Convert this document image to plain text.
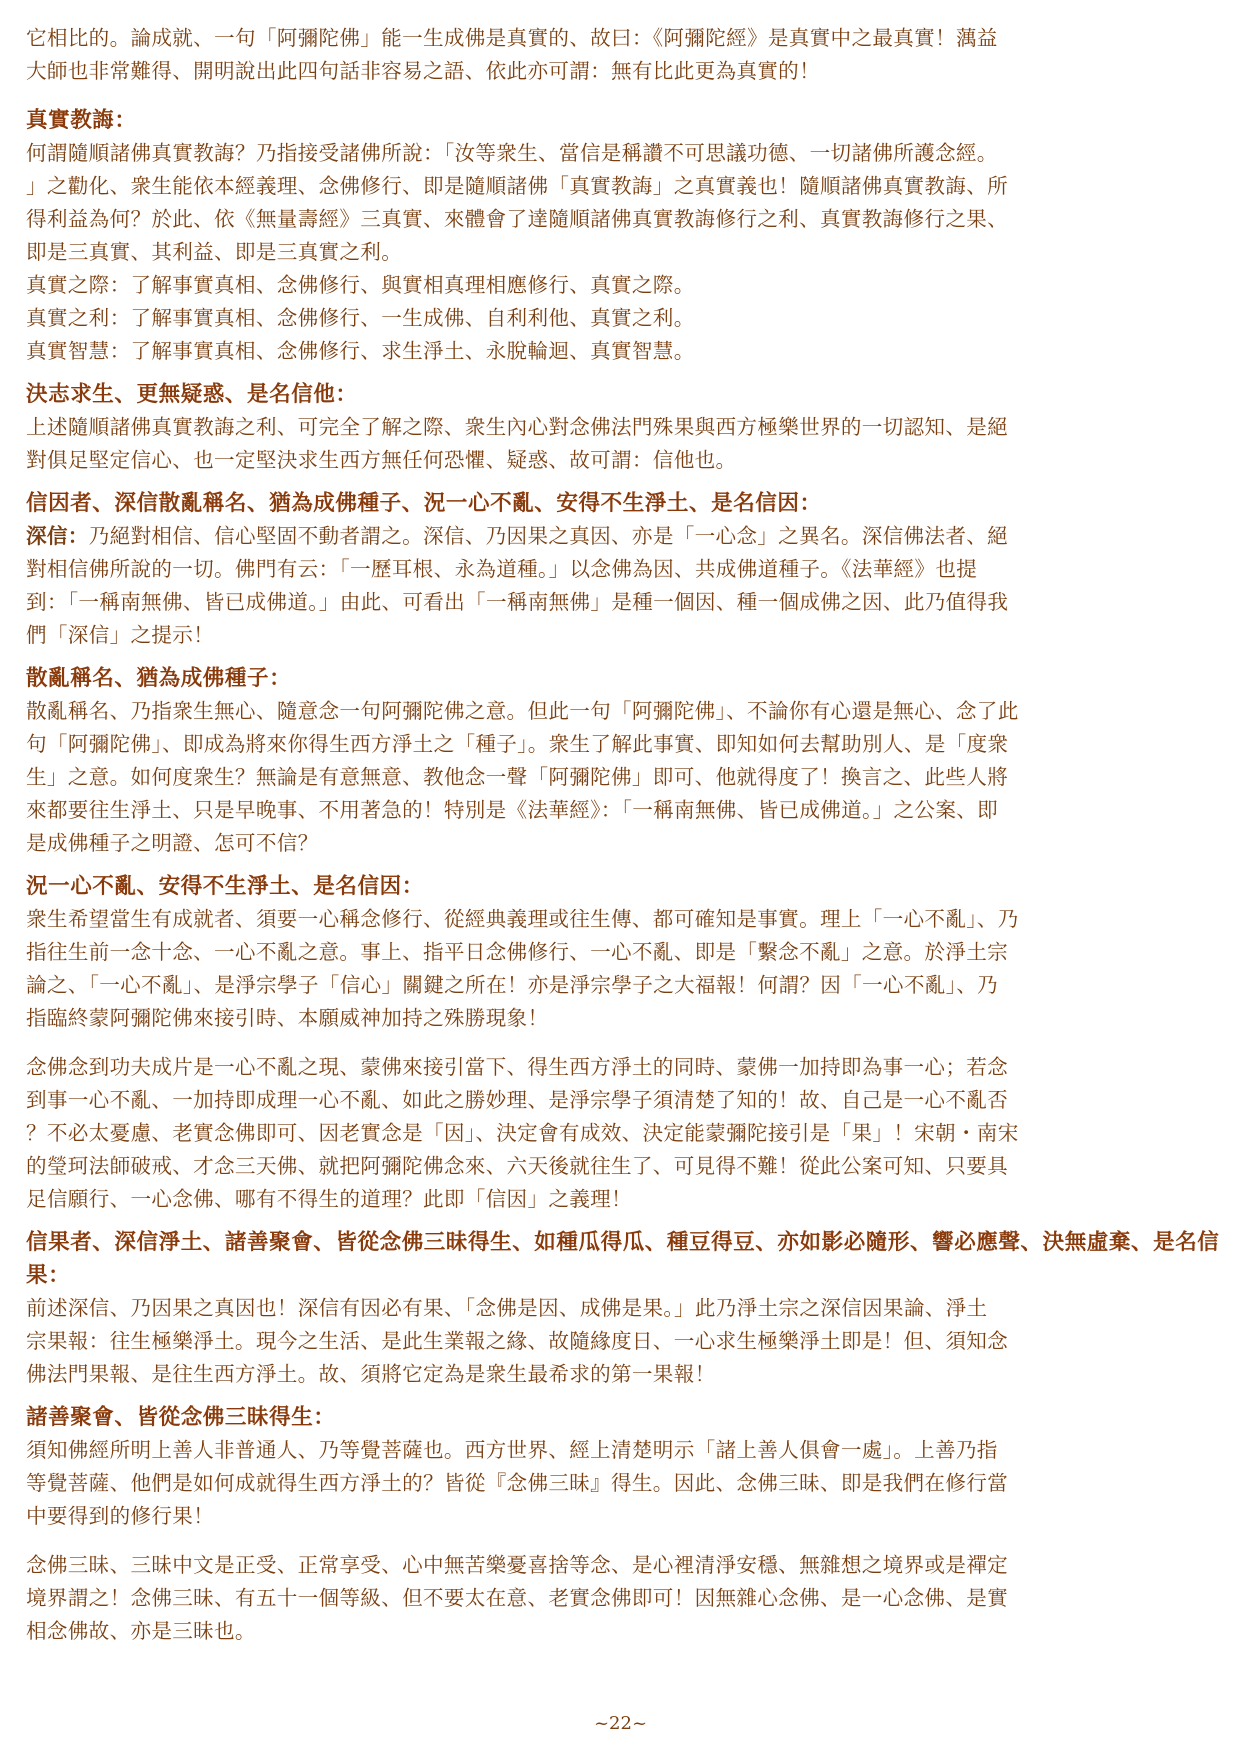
它相比的。論成就、一句「阿彌陀佛」能一生成佛是真實的、故曰：《阿彌陀經》是真實中之最真實！蕅益

大師也非常難得、開明說出此四句話非容易之語、依此亦可謂：無有比此更為真實的！

真實教誨：

何謂隨順諸佛真實教誨？乃指接受諸佛所說：「汝等衆生、當信是稱讚不可思議功德、一切諸佛所護念經。

」之勸化、衆生能依本經義理、念佛修行、即是隨順諸佛「真實教誨」之真實義也！隨順諸佛真實教誨、所

得利益為何？於此、依《無量壽經》三真實、來體會了達隨順諸佛真實教誨修行之利、真實教誨修行之果、

即是三真實、其利益、即是三真實之利。

真實之際：了解事實真相、念佛修行、與實相真理相應修行、真實之際。

真實之利：了解事實真相、念佛修行、一生成佛、自利利他、真實之利。

真實智慧：了解事實真相、念佛修行、求生淨土、永脫輪迴、真實智慧。

決志求生、更無疑惑、是名信他：

上述隨順諸佛真實教誨之利、可完全了解之際、衆生內心對念佛法門殊果與西方極樂世界的一切認知、是絕

對俱足堅定信心、也一定堅決求生西方無任何恐懼、疑惑、故可謂：信他也。

信因者、深信散亂稱名、猶為成佛種子、況一心不亂、安得不生淨土、是名信因：

深信：乃絕對相信、信心堅固不動者謂之。深信、乃因果之真因、亦是「一心念」之異名。深信佛法者、絕

對相信佛所說的一切。佛門有云：「一歷耳根、永為道種。」以念佛為因、共成佛道種子。《法華經》也提

到：「一稱南無佛、皆已成佛道。」由此、可看出「一稱南無佛」是種一個因、種一個成佛之因、此乃值得我

們「深信」之提示！

散亂稱名、猶為成佛種子：

散亂稱名、乃指衆生無心、隨意念一句阿彌陀佛之意。但此一句「阿彌陀佛」、不論你有心還是無心、念了此

句「阿彌陀佛」、即成為將來你得生西方淨土之「種子」。衆生了解此事實、即知如何去幫助別人、是「度衆

生」之意。如何度衆生？無論是有意無意、教他念一聲「阿彌陀佛」即可、他就得度了！換言之、此些人將

來都要往生淨土、只是早晚事、不用著急的！特別是《法華經》：「一稱南無佛、皆已成佛道。」之公案、即

是成佛種子之明證、怎可不信？

況一心不亂、安得不生淨土、是名信因：

衆生希望當生有成就者、須要一心稱念修行、從經典義理或往生傳、都可確知是事實。理上「一心不亂」、乃

指往生前一念十念、一心不亂之意。事上、指平日念佛修行、一心不亂、即是「繫念不亂」之意。於淨土宗

論之、「一心不亂」、是淨宗學子「信心」關鍵之所在！亦是淨宗學子之大福報！何謂？因「一心不亂」、乃

指臨終蒙阿彌陀佛來接引時、本願威神加持之殊勝現象！

念佛念到功夫成片是一心不亂之現、蒙佛來接引當下、得生西方淨土的同時、蒙佛一加持即為事一心；若念

到事一心不亂、一加持即成理一心不亂、如此之勝妙理、是淨宗學子須清楚了知的！故、自己是一心不亂否

？不必太憂慮、老實念佛即可、因老實念是「因」、決定會有成效、決定能蒙彌陀接引是「果」！宋朝・南宋

的瑩珂法師破戒、才念三天佛、就把阿彌陀佛念來、六天後就往生了、可見得不難！從此公案可知、只要具

足信願行、一心念佛、哪有不得生的道理？此即「信因」之義理！

信果者、深信淨土、諸善聚會、皆從念佛三昧得生、如種瓜得瓜、種豆得豆、亦如影必隨形、響必應聲、決無虛棄、是名信果：

前述深信、乃因果之真因也！深信有因必有果、「念佛是因、成佛是果。」此乃淨土宗之深信因果論、淨土

宗果報：往生極樂淨土。現今之生活、是此生業報之緣、故隨緣度日、一心求生極樂淨土即是！但、須知念

佛法門果報、是往生西方淨土。故、須將它定為是衆生最希求的第一果報！

諸善聚會、皆從念佛三昧得生：

須知佛經所明上善人非普通人、乃等覺菩薩也。西方世界、經上清楚明示「諸上善人俱會一處」。上善乃指

等覺菩薩、他們是如何成就得生西方淨土的？皆從『念佛三昧』得生。因此、念佛三昧、即是我們在修行當

中要得到的修行果！

念佛三昧、三昧中文是正受、正常享受、心中無苦樂憂喜捨等念、是心裡清淨安穩、無雜想之境界或是禪定

境界謂之！念佛三昧、有五十一個等級、但不要太在意、老實念佛即可！因無雜心念佛、是一心念佛、是實

相念佛故、亦是三昧也。

~22~
